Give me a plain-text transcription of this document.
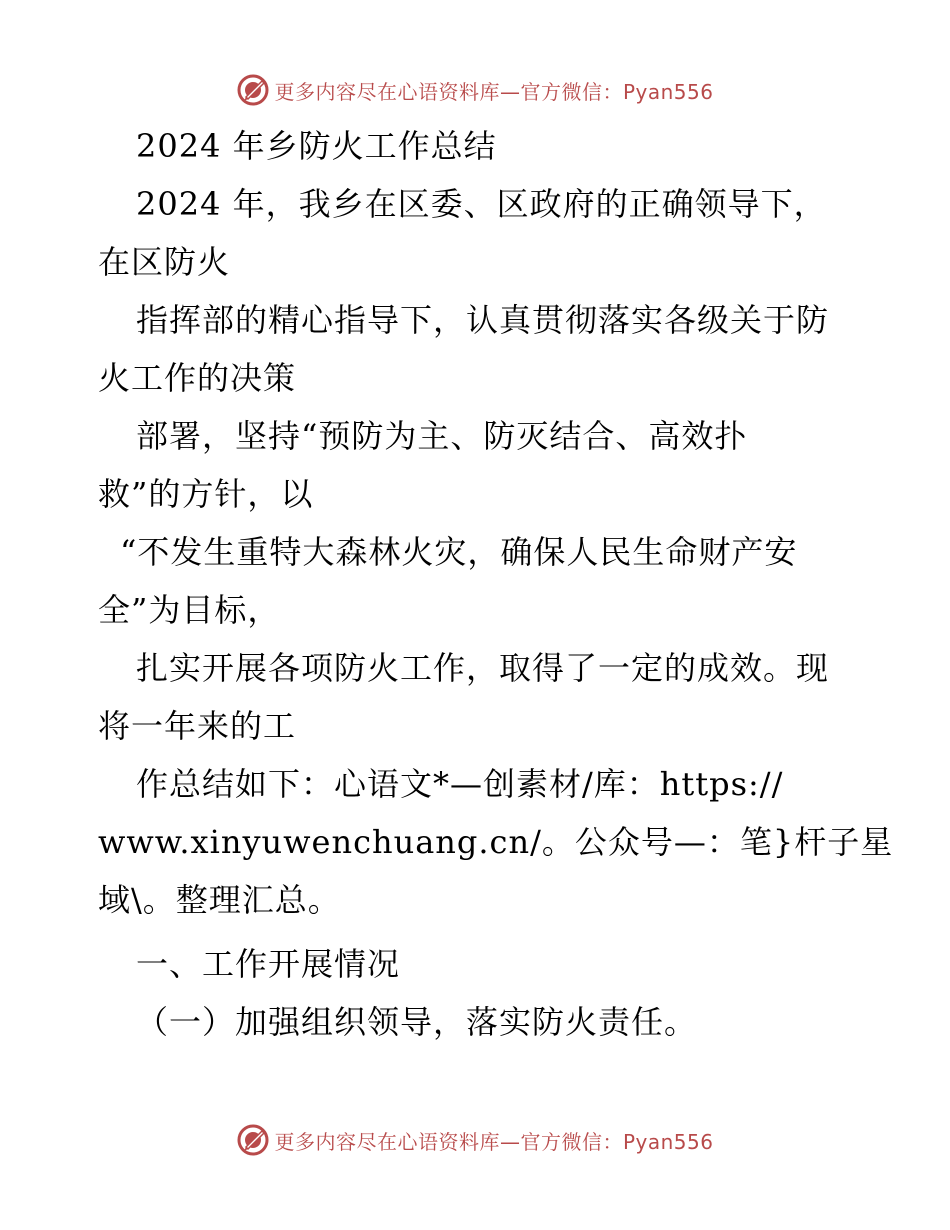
更多内容尽在心语资料库—官方微信：Pyan556
2024 年乡防火工作总结
2024 年，我乡在区委、区政府的正确领导下，
在区防火
指挥部的精心指导下，认真贯彻落实各级关于防
火工作的决策
部署，坚持“预防为主、防灭结合、高效扑
救”的方针，以
“不发生重特大森林火灾，确保人民生命财产安
全”为目标，
扎实开展各项防火工作，取得了一定的成效。现
将一年来的工
作总结如下：心语文*—创素材/库：https://
www.xinyuwenchuang.cn/。公众号—：笔}杆子星
域\。整理汇总。
一、工作开展情况
（一）加强组织领导，落实防火责任。
更多内容尽在心语资料库—官方微信：Pyan556
